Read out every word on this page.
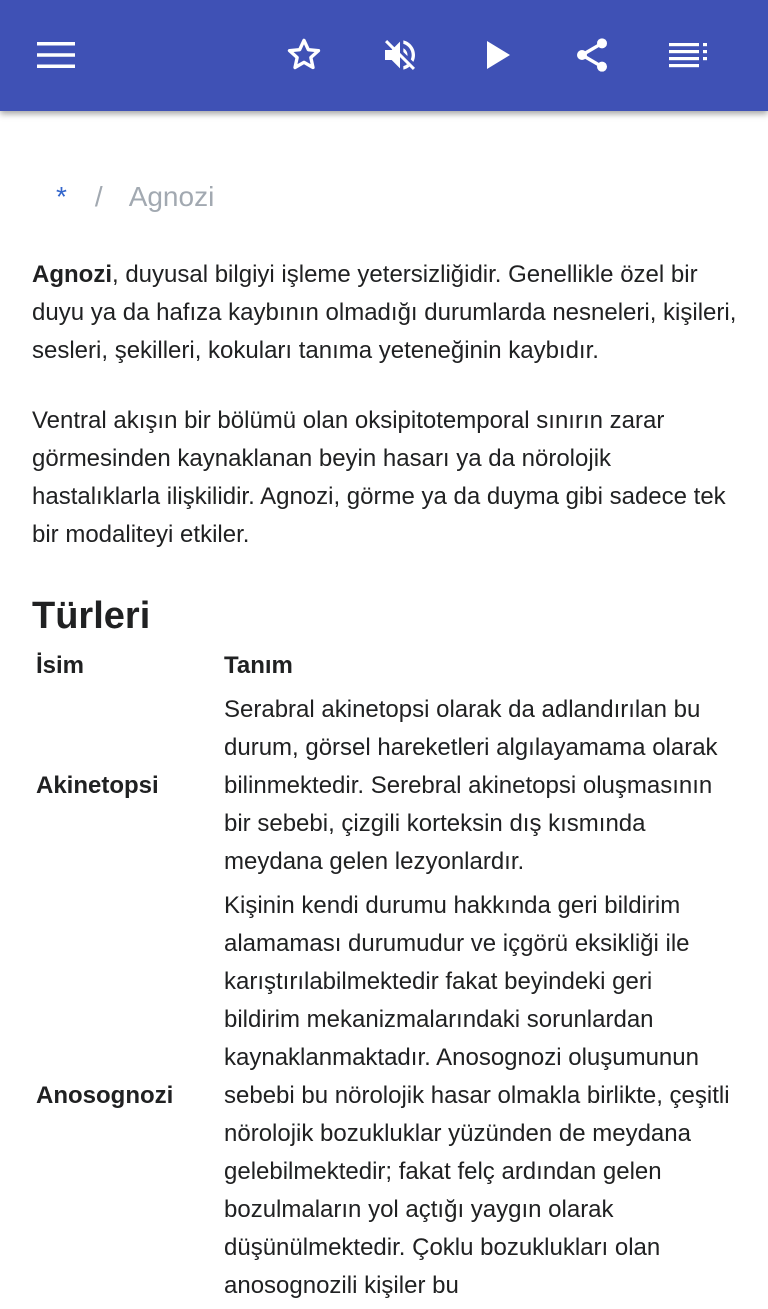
* / Agnozi

Agnozi, duyusal bilgiyi işleme yetersizliğidir. Genellikle özel bir duyu ya da hafıza kaybının olmadığı durumlarda nesneleri, kişileri, sesleri, şekilleri, kokuları tanıma yeteneğinin kaybıdır.

Ventral akışın bir bölümü olan oksipitotemporal sınırın zarar görmesinden kaynaklanan beyin hasarı ya da nörolojik hastalıklarla ilişkilidir. Agnozi, görme ya da duyma gibi sadece tek bir modaliteyi etkiler.

Türleri
İsim	Tanım
Akinetopsi	Serabral akinetopsi olarak da adlandırılan bu durum, görsel hareketleri algılayamama olarak bilinmektedir. Serebral akinetopsi oluşmasının bir sebebi, çizgili korteksin dış kısmında meydana gelen lezyonlardır.
Anosognozi	Kişinin kendi durumu hakkında geri bildirim alamaması durumudur ve içgörü eksikliği ile karıştırılabilmektedir fakat beyindeki geri bildirim mekanizmalarındaki sorunlardan kaynaklanmaktadır. Anosognozi oluşumunun sebebi bu nörolojik hasar olmakla birlikte, çeşitli nörolojik bozukluklar yüzünden de meydana gelebilmektedir; fakat felç ardından gelen bozulmaların yol açtığı yaygın olarak düşünülmektedir. Çoklu bozuklukları olan anosognozili kişiler bu
